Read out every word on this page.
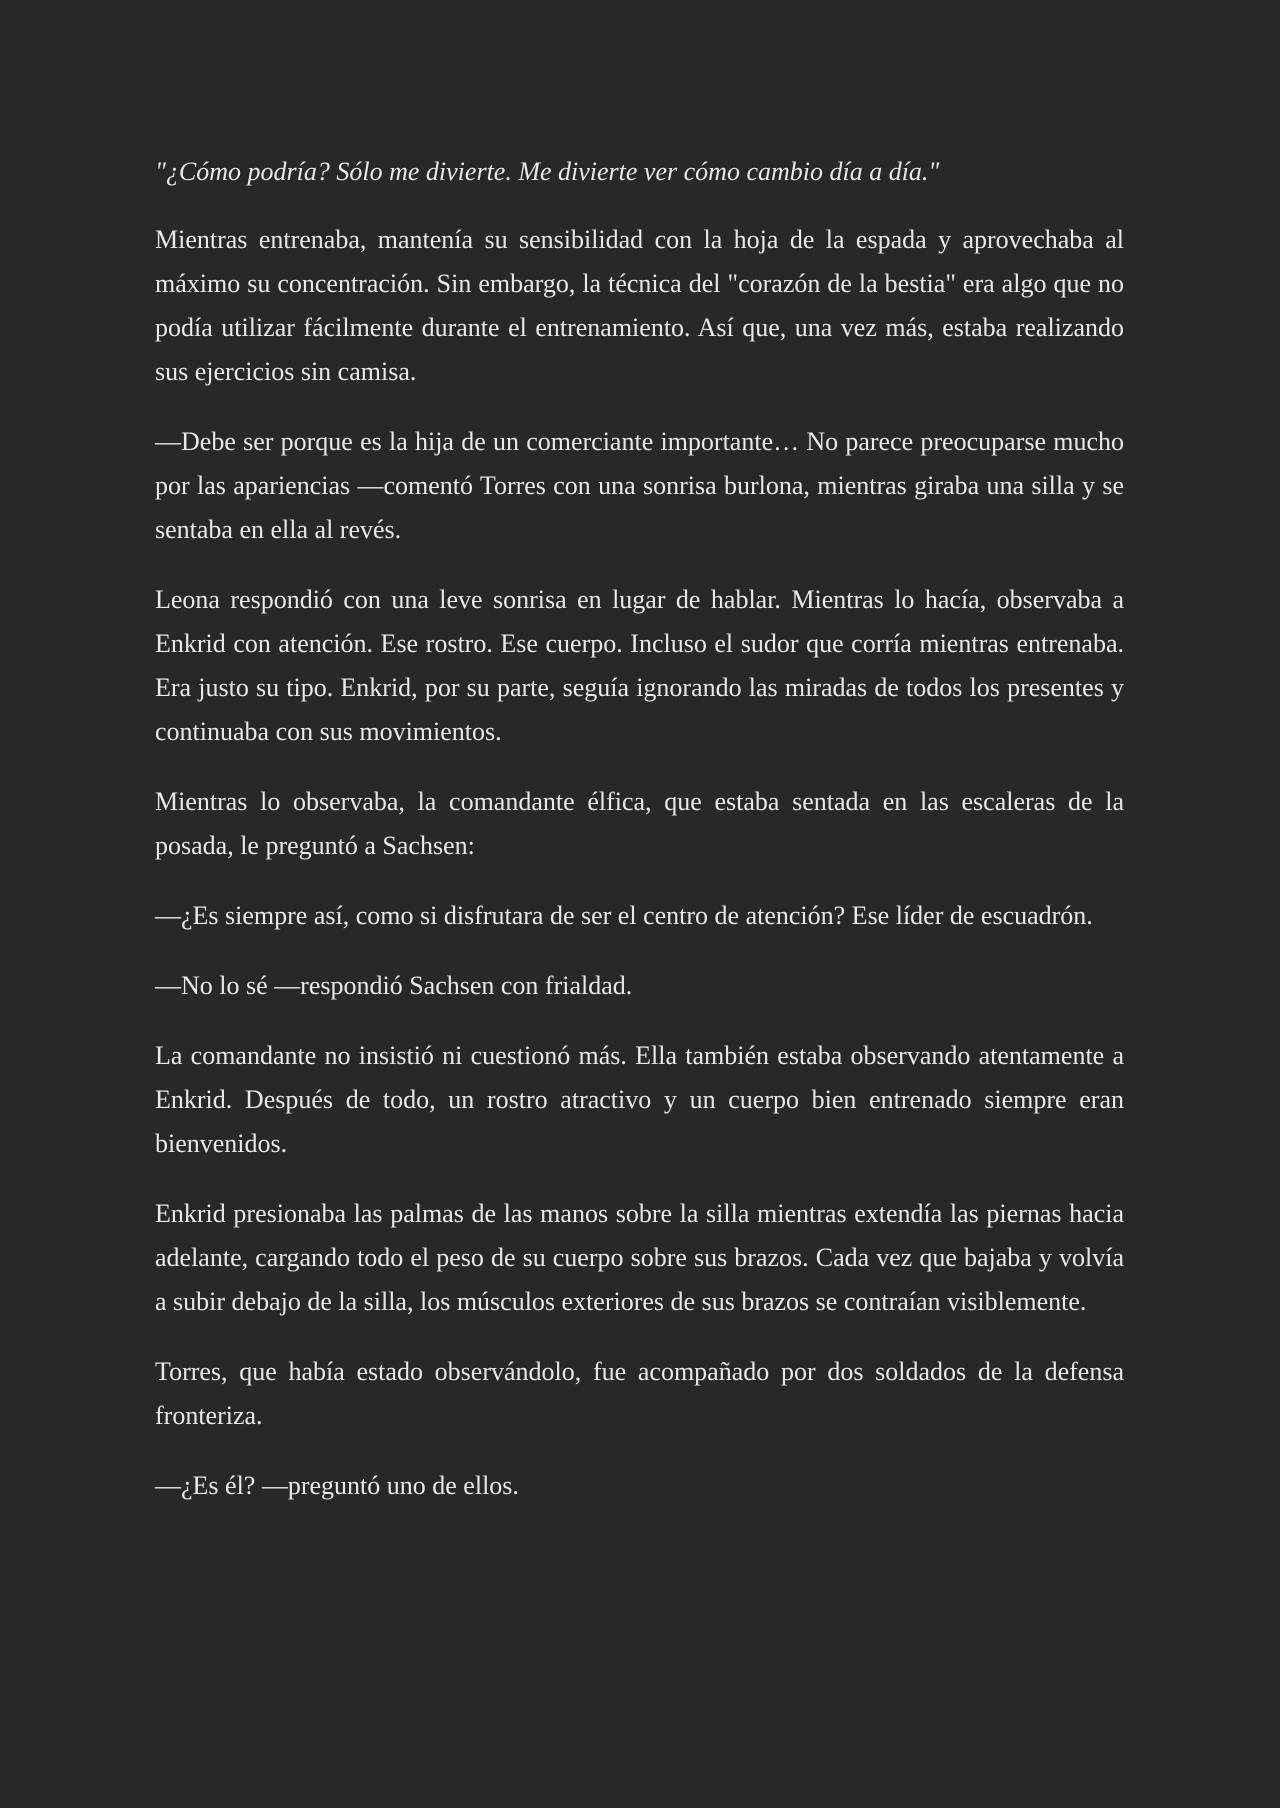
"¿Cómo podría? Sólo me divierte. Me divierte ver cómo cambio día a día."

Mientras entrenaba, mantenía su sensibilidad con la hoja de la espada y aprovechaba al máximo su concentración. Sin embargo, la técnica del "corazón de la bestia" era algo que no podía utilizar fácilmente durante el entrenamiento. Así que, una vez más, estaba realizando sus ejercicios sin camisa.

—Debe ser porque es la hija de un comerciante importante… No parece preocuparse mucho por las apariencias —comentó Torres con una sonrisa burlona, mientras giraba una silla y se sentaba en ella al revés.

Leona respondió con una leve sonrisa en lugar de hablar. Mientras lo hacía, observaba a Enkrid con atención. Ese rostro. Ese cuerpo. Incluso el sudor que corría mientras entrenaba. Era justo su tipo. Enkrid, por su parte, seguía ignorando las miradas de todos los presentes y continuaba con sus movimientos.

Mientras lo observaba, la comandante élfica, que estaba sentada en las escaleras de la posada, le preguntó a Sachsen:

—¿Es siempre así, como si disfrutara de ser el centro de atención? Ese líder de escuadrón.

—No lo sé —respondió Sachsen con frialdad.

La comandante no insistió ni cuestionó más. Ella también estaba observando atentamente a Enkrid. Después de todo, un rostro atractivo y un cuerpo bien entrenado siempre eran bienvenidos.

Enkrid presionaba las palmas de las manos sobre la silla mientras extendía las piernas hacia adelante, cargando todo el peso de su cuerpo sobre sus brazos. Cada vez que bajaba y volvía a subir debajo de la silla, los músculos exteriores de sus brazos se contraían visiblemente.

Torres, que había estado observándolo, fue acompañado por dos soldados de la defensa fronteriza.

—¿Es él? —preguntó uno de ellos.
